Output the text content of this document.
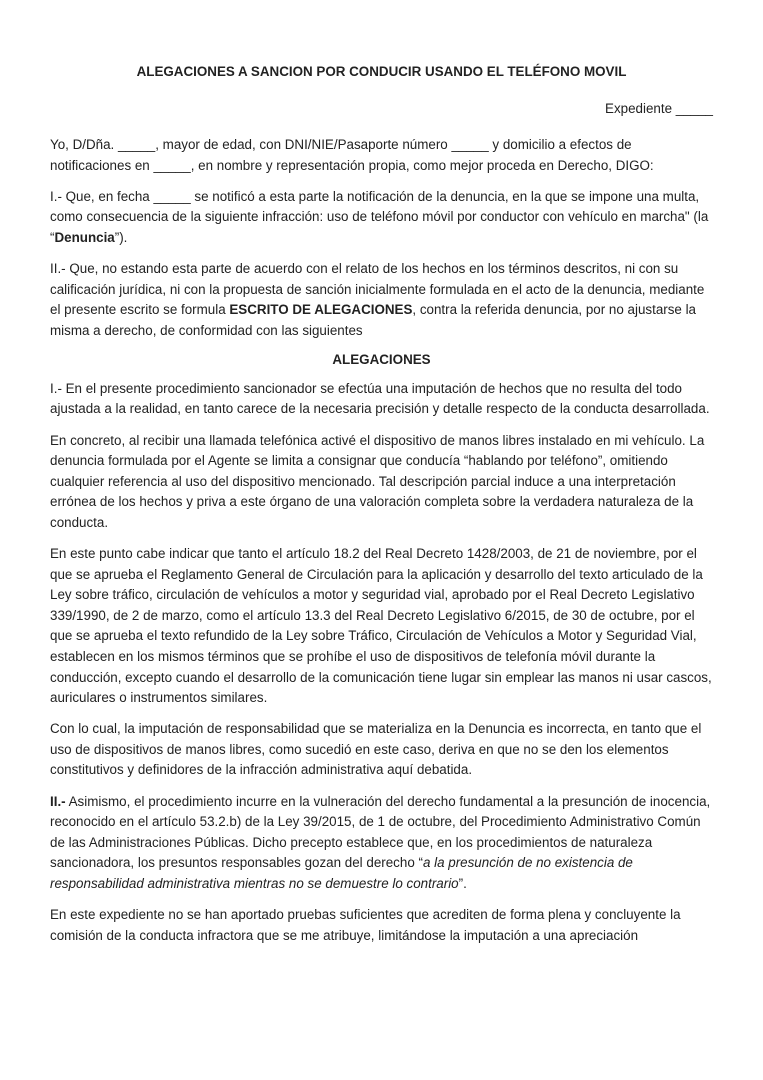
ALEGACIONES A SANCION POR CONDUCIR USANDO EL TELÉFONO MOVIL
Expediente _____

Yo, D/Dña. _____, mayor de edad, con DNI/NIE/Pasaporte número _____ y domicilio a efectos de notificaciones en _____, en nombre y representación propia, como mejor proceda en Derecho, DIGO:

I.- Que, en fecha _____ se notificó a esta parte la notificación de la denuncia, en la que se impone una multa, como consecuencia de la siguiente infracción: uso de teléfono móvil por conductor con vehículo en marcha" (la “Denuncia”).

II.- Que, no estando esta parte de acuerdo con el relato de los hechos en los términos descritos, ni con su calificación jurídica, ni con la propuesta de sanción inicialmente formulada en el acto de la denuncia, mediante el presente escrito se formula ESCRITO DE ALEGACIONES, contra la referida denuncia, por no ajustarse la misma a derecho, de conformidad con las siguientes

ALEGACIONES

I.- En el presente procedimiento sancionador se efectúa una imputación de hechos que no resulta del todo ajustada a la realidad, en tanto carece de la necesaria precisión y detalle respecto de la conducta desarrollada.

En concreto, al recibir una llamada telefónica activé el dispositivo de manos libres instalado en mi vehículo. La denuncia formulada por el Agente se limita a consignar que conducía “hablando por teléfono”, omitiendo cualquier referencia al uso del dispositivo mencionado. Tal descripción parcial induce a una interpretación errónea de los hechos y priva a este órgano de una valoración completa sobre la verdadera naturaleza de la conducta.

En este punto cabe indicar que tanto el artículo 18.2 del Real Decreto 1428/2003, de 21 de noviembre, por el que se aprueba el Reglamento General de Circulación para la aplicación y desarrollo del texto articulado de la Ley sobre tráfico, circulación de vehículos a motor y seguridad vial, aprobado por el Real Decreto Legislativo 339/1990, de 2 de marzo, como el artículo 13.3 del Real Decreto Legislativo 6/2015, de 30 de octubre, por el que se aprueba el texto refundido de la Ley sobre Tráfico, Circulación de Vehículos a Motor y Seguridad Vial, establecen en los mismos términos que se prohíbe el uso de dispositivos de telefonía móvil durante la conducción, excepto cuando el desarrollo de la comunicación tiene lugar sin emplear las manos ni usar cascos, auriculares o instrumentos similares.

Con lo cual, la imputación de responsabilidad que se materializa en la Denuncia es incorrecta, en tanto que el uso de dispositivos de manos libres, como sucedió en este caso, deriva en que no se den los elementos constitutivos y definidores de la infracción administrativa aquí debatida.

II.- Asimismo, el procedimiento incurre en la vulneración del derecho fundamental a la presunción de inocencia, reconocido en el artículo 53.2.b) de la Ley 39/2015, de 1 de octubre, del Procedimiento Administrativo Común de las Administraciones Públicas. Dicho precepto establece que, en los procedimientos de naturaleza sancionadora, los presuntos responsables gozan del derecho “a la presunción de no existencia de responsabilidad administrativa mientras no se demuestre lo contrario”.

En este expediente no se han aportado pruebas suficientes que acrediten de forma plena y concluyente la comisión de la conducta infractora que se me atribuye, limitándose la imputación a una apreciación
